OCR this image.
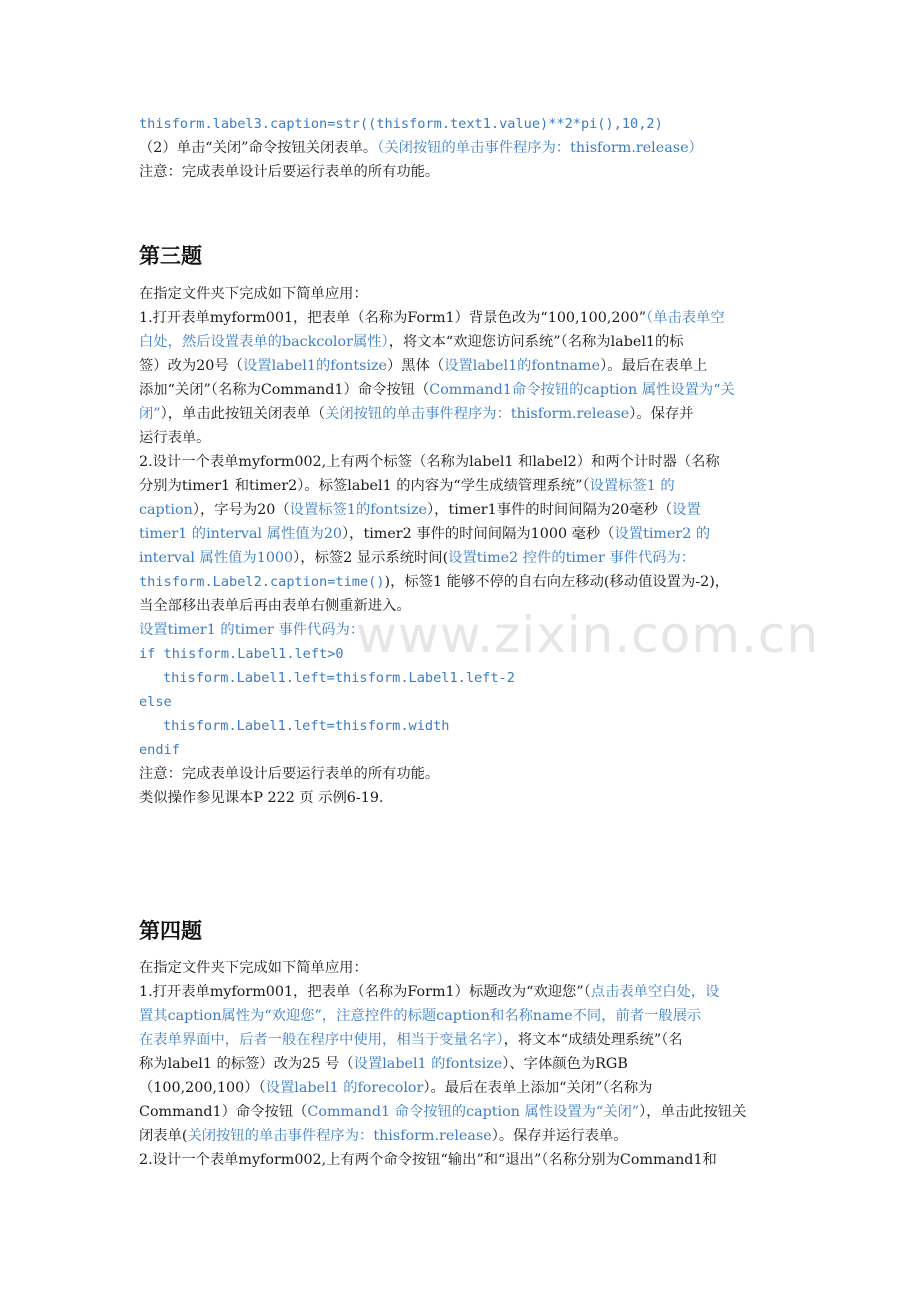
www.zixin.com.cn
thisform.label3.caption=str((thisform.text1.value)**2*pi(),10,2)
（2）单击“关闭”命令按钮关闭表单。（关闭按钮的单击事件程序为：thisform.release）
注意：完成表单设计后要运行表单的所有功能。
第三题
在指定文件夹下完成如下简单应用：
1.打开表单myform001，把表单（名称为Form1）背景色改为“100,100,200”（单击表单空
白处，然后设置表单的backcolor属性），将文本“欢迎您访问系统”（名称为label1的标
签）改为20号（设置label1的fontsize）黑体（设置label1的fontname）。最后在表单上
添加“关闭”（名称为Command1）命令按钮（Command1命令按钮的caption 属性设置为“关
闭”），单击此按钮关闭表单（关闭按钮的单击事件程序为：thisform.release）。保存并
运行表单。
2.设计一个表单myform002,上有两个标签（名称为label1 和label2）和两个计时器（名称
分别为timer1 和timer2）。标签label1 的内容为“学生成绩管理系统”（设置标签1 的
caption），字号为20（设置标签1的fontsize），timer1事件的时间间隔为20毫秒（设置
timer1 的interval 属性值为20），timer2 事件的时间间隔为1000 毫秒（设置timer2 的
interval 属性值为1000），标签2 显示系统时间(设置time2 控件的timer 事件代码为：
thisform.Label2.caption=time())，标签1 能够不停的自右向左移动(移动值设置为-2)，
当全部移出表单后再由表单右侧重新进入。
设置timer1 的timer 事件代码为：
if thisform.Label1.left>0
thisform.Label1.left=thisform.Label1.left-2
else
thisform.Label1.left=thisform.width
endif
注意：完成表单设计后要运行表单的所有功能。
类似操作参见课本P 222 页 示例6-19.
第四题
在指定文件夹下完成如下简单应用：
1.打开表单myform001，把表单（名称为Form1）标题改为“欢迎您”（点击表单空白处，设
置其caption属性为“欢迎您”，注意控件的标题caption和名称name不同，前者一般展示
在表单界面中，后者一般在程序中使用，相当于变量名字），将文本“成绩处理系统”（名
称为label1 的标签）改为25 号（设置label1 的fontsize）、字体颜色为RGB
（100,200,100）（设置label1 的forecolor）。最后在表单上添加“关闭”（名称为
Command1）命令按钮（Command1 命令按钮的caption 属性设置为“关闭”），单击此按钮关
闭表单(关闭按钮的单击事件程序为：thisform.release）。保存并运行表单。
2.设计一个表单myform002,上有两个命令按钮“输出”和“退出”（名称分别为Command1和
